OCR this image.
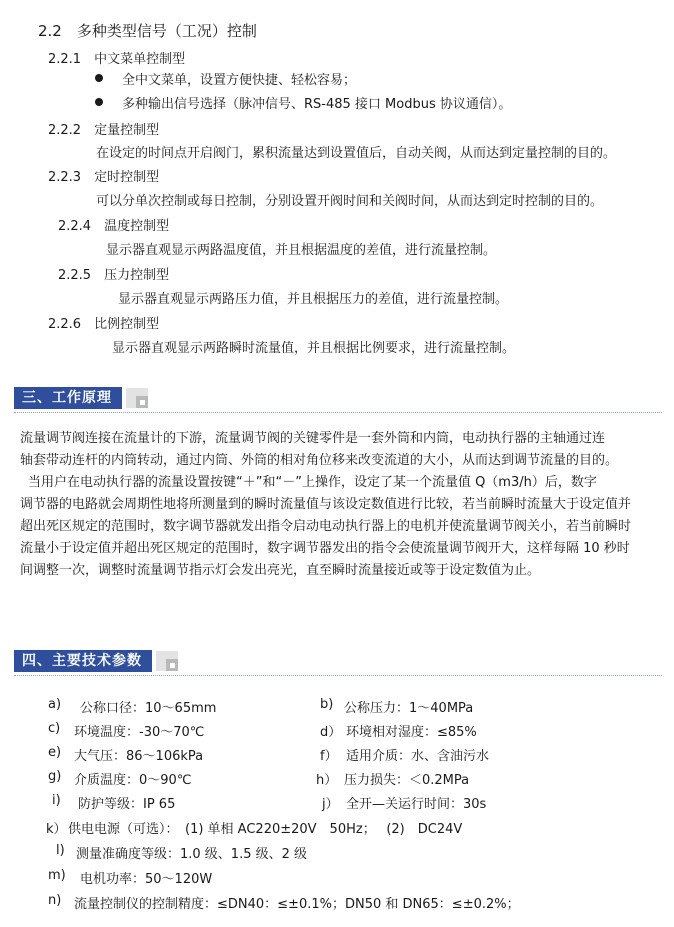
2.2　多种类型信号（工况）控制
2.2.1　中文菜单控制型
全中文菜单，设置方便快捷、轻松容易；
多种输出信号选择（脉冲信号、RS-485 接口 Modbus 协议通信）。
2.2.2　定量控制型
在设定的时间点开启阀门，累积流量达到设置值后，自动关阀，从而达到定量控制的目的。
2.2.3　定时控制型
可以分单次控制或每日控制，分别设置开阀时间和关阀时间，从而达到定时控制的目的。
2.2.4　温度控制型
显示器直观显示两路温度值，并且根据温度的差值，进行流量控制。
2.2.5　压力控制型
显示器直观显示两路压力值，并且根据压力的差值，进行流量控制。
2.2.6　比例控制型
显示器直观显示两路瞬时流量值，并且根据比例要求，进行流量控制。
三、工作原理

流量调节阀连接在流量计的下游，流量调节阀的关键零件是一套外筒和内筒，电动执行器的主轴通过连

轴套带动连杆的内筒转动，通过内筒、外筒的相对角位移来改变流道的大小，从而达到调节流量的目的。

当用户在电动执行器的流量设置按键“＋”和“－”上操作，设定了某一个流量值 Q（m3/h）后，数字

调节器的电路就会周期性地将所测量到的瞬时流量值与该设定数值进行比较，若当前瞬时流量大于设定值并

超出死区规定的范围时，数字调节器就发出指令启动电动执行器上的电机并使流量调节阀关小，若当前瞬时

流量小于设定值并超出死区规定的范围时，数字调节器发出的指令会使流量调节阀开大，这样每隔 10 秒时

间调整一次，调整时流量调节指示灯会发出亮光，直至瞬时流量接近或等于设定数值为止。

四、主要技术参数
a) 公称口径：10～65mm	b) 公称压力：1～40MPa
c) 环境温度：-30～70℃	d） 环境相对湿度：≤85%
e) 大气压：86～106kPa	f） 适用介质：水、含油污水
g) 介质温度：0～90℃	h） 压力损失：＜0.2MPa
i) 防护等级：IP 65	j） 全开—关运行时间：30s
k） 供电电源（可选）：　(1) 单相 AC220±20V　50Hz；　 (2)　DC24V
l) 测量准确度等级：1.0 级、1.5 级、2 级
m) 电机功率：50～120W
n) 流量控制仪的控制精度：≤DN40：≤±0.1%；DN50 和 DN65：≤±0.2%；
